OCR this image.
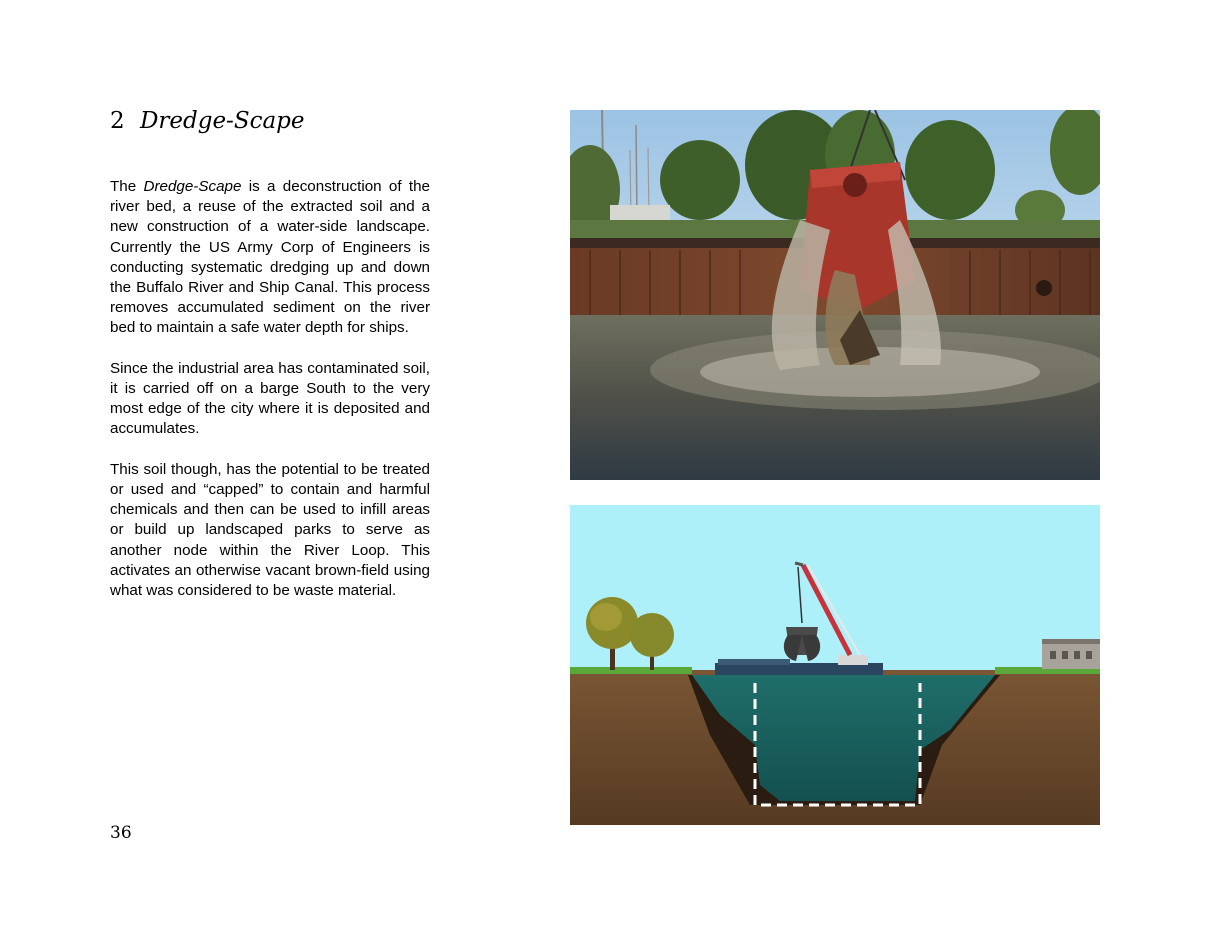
2 Dredge-Scape

The Dredge-Scape is a deconstruction of the river bed, a reuse of the extracted soil and a new construction of a water-side landscape. Currently the US Army Corp of Engineers is conducting systematic dredging up and down the Buffalo River and Ship Canal. This process removes accumulated sediment on the river bed to maintain a safe water depth for ships.

Since the industrial area has contaminated soil, it is carried off on a barge South to the very most edge of the city where it is deposited and accumulates.

This soil though, has the potential to be treated or used and “capped” to contain and harmful chemicals and then can be used to infill areas or build up landscaped parks to serve as another node within the River Loop. This activates an otherwise vacant brown-field using what was considered to be waste material.

36
